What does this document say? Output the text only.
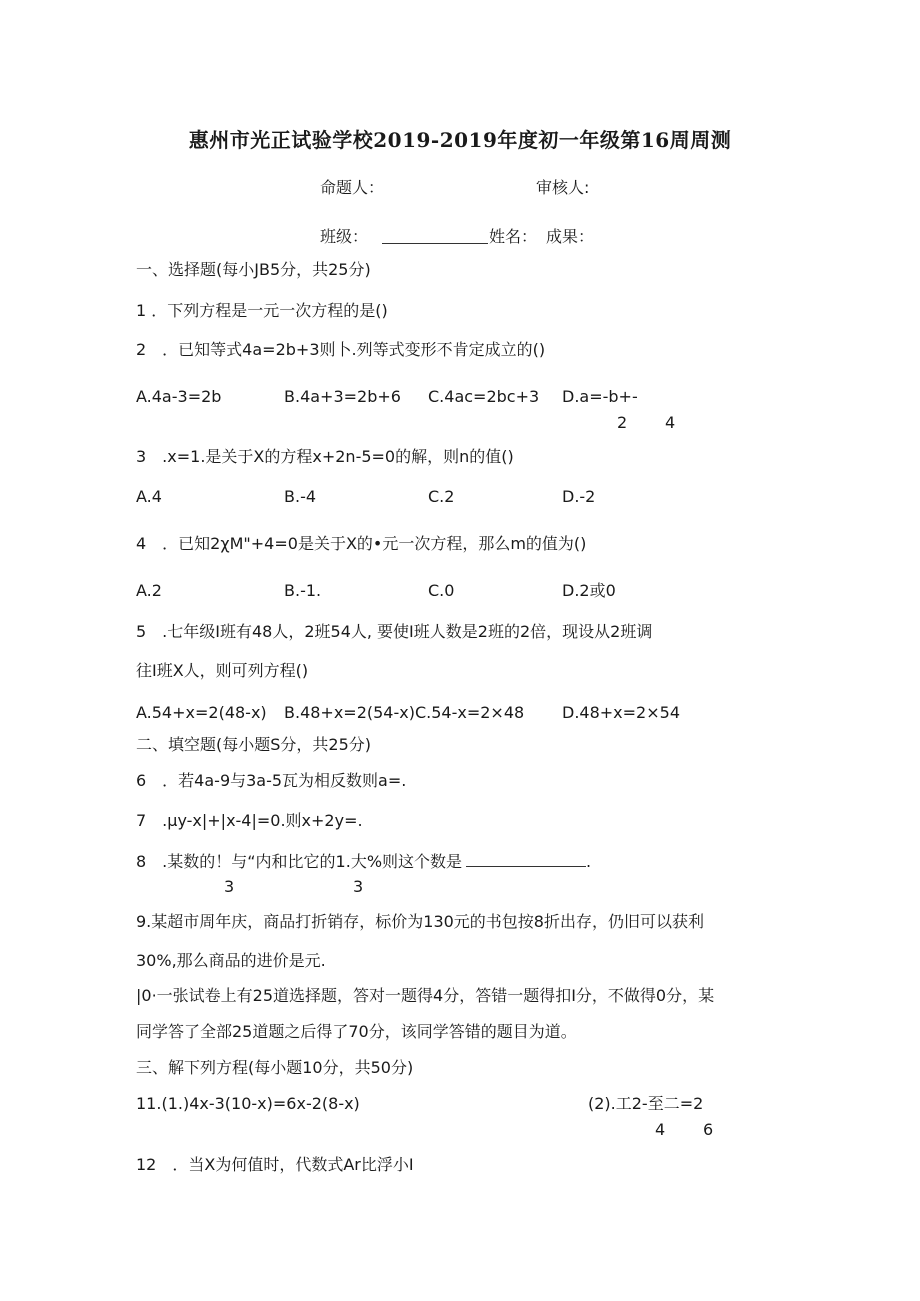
惠州市光正试验学校2019-2019年度初一年级第16周周测
命题人：	审核人:
班级：	姓名： 成果：
一、选择题(每小JB5分，共25分)
1 ．下列方程是一元一次方程的是()
2　．已知等式4a=2b+3则卜.列等式变形不肯定成立的()
A.4a-3=2b	B.4a+3=2b+6 C.4ac=2bc+3 D.a=-b+-
2 4
3　.x=1.是关于X的方程x+2n-5=0的解，则n的值()
A.4	B.-4	C.2	D.-2
4　．已知2χM"+4=0是关于X的•元一次方程，那么m的值为()
A.2	B.-1.	C.0	D.2或0
5　.七年级I班有48人，2班54人, 要使I班人数是2班的2倍，现设从2班调
往I班X人，则可列方程()
A.54+x=2(48-x) B.48+x=2(54-x)C.54-x=2×48 D.48+x=2×54
二、填空题(每小题S分，共25分)
6　．若4a-9与3a-5瓦为相反数则a=.
7　.μy-x|+|x-4|=0.则x+2y=.
8　.某数的！与“内和比它的1.大%则这个数是	.
3	3
9.某超市周年庆，商品打折销存，标价为130元的书包按8折出存，仍旧可以获利
30%,那么商品的进价是元.
|0·一张试卷上有25道选择题，答对一题得4分，答错一题得扣I分，不做得0分，某
同学答了全部25道题之后得了70分，该同学答错的题目为道。
三、解下列方程(每小题10分，共50分)
11.(1.)4x-3(10-x)=6x-2(8-x)	(2).工2-至二=2
4 6
12　．当X为何值时，代数式Ar比浮小I
